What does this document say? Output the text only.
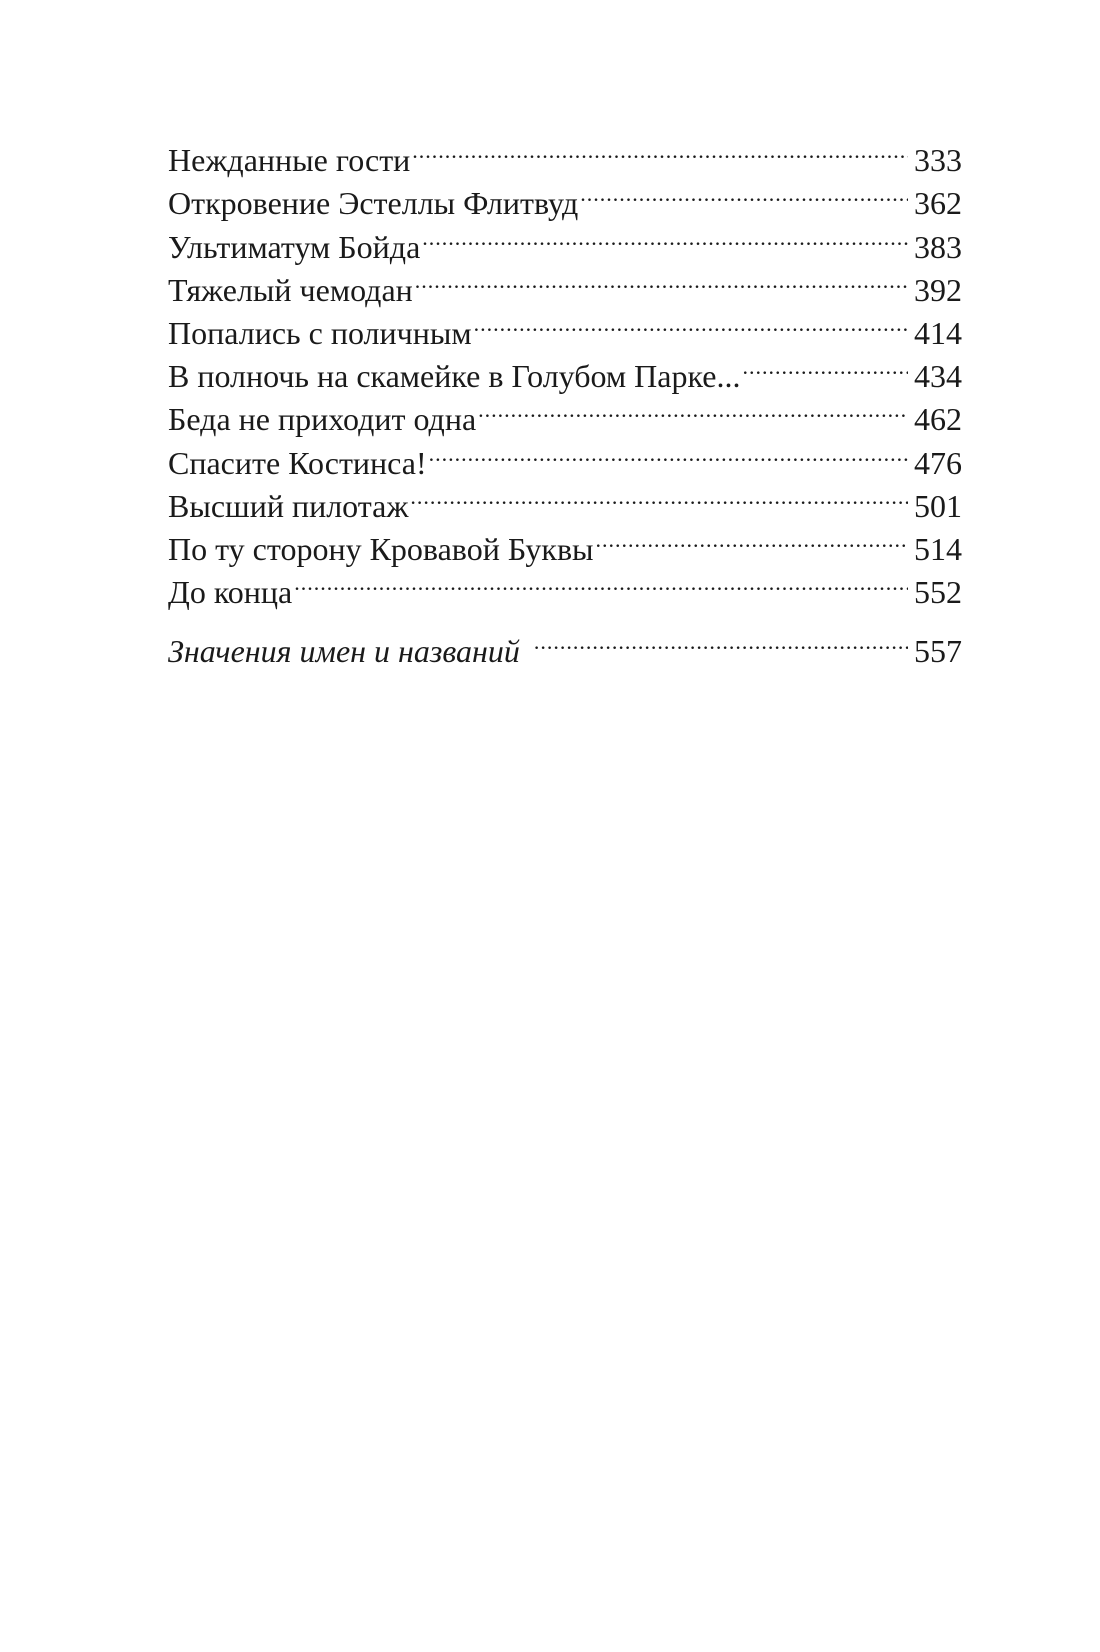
Нежданные гости .....	333
Откровение Эстеллы Флитвуд .....	362
Ультиматум Бойда .....	383
Тяжелый чемодан .....	392
Попались с поличным .....	414
В полночь на скамейке в Голубом Парке... .....	434
Беда не приходит одна .....	462
Спасите Костинса! .....	476
Высший пилотаж .....	501
По ту сторону Кровавой Буквы .....	514
До конца .....	552
Значения имен и названий .....	557
